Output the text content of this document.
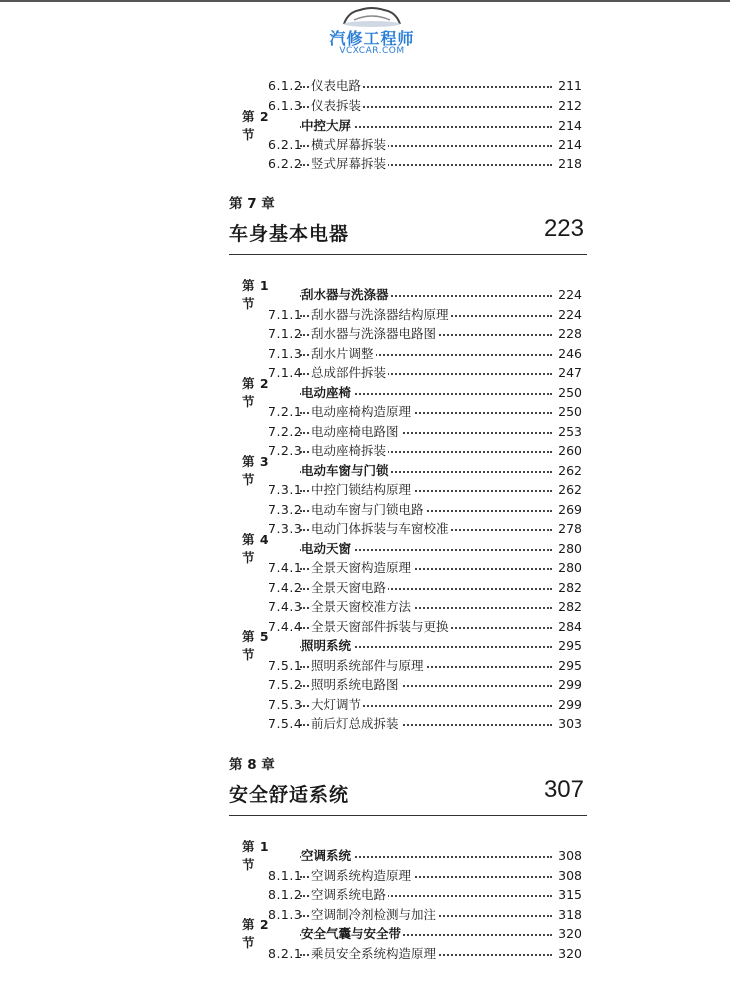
汽修工程师
VCXCAR.COM
6.1.2 仪表电路	211
6.1.3 仪表拆装	212
第 2 节
中控大屏	214
6.2.1 横式屏幕拆装	214
6.2.2 竖式屏幕拆装	218
第 7 章
车身基本电器	223
第 1 节
刮水器与洗涤器	224
7.1.1 刮水器与洗涤器结构原理	224
7.1.2 刮水器与洗涤器电路图	228
7.1.3 刮水片调整	246
7.1.4 总成部件拆装	247
第 2 节
电动座椅	250
7.2.1 电动座椅构造原理	250
7.2.2 电动座椅电路图	253
7.2.3 电动座椅拆装	260
第 3 节
电动车窗与门锁	262
7.3.1 中控门锁结构原理	262
7.3.2 电动车窗与门锁电路	269
7.3.3 电动门体拆装与车窗校准	278
第 4 节
电动天窗	280
7.4.1 全景天窗构造原理	280
7.4.2 全景天窗电路	282
7.4.3 全景天窗校准方法	282
7.4.4 全景天窗部件拆装与更换	284
第 5 节
照明系统	295
7.5.1 照明系统部件与原理	295
7.5.2 照明系统电路图	299
7.5.3 大灯调节	299
7.5.4 前后灯总成拆装	303
第 8 章
安全舒适系统	307
第 1 节
空调系统	308
8.1.1 空调系统构造原理	308
8.1.2 空调系统电路	315
8.1.3 空调制冷剂检测与加注	318
第 2 节
安全气囊与安全带	320
8.2.1 乘员安全系统构造原理	320
